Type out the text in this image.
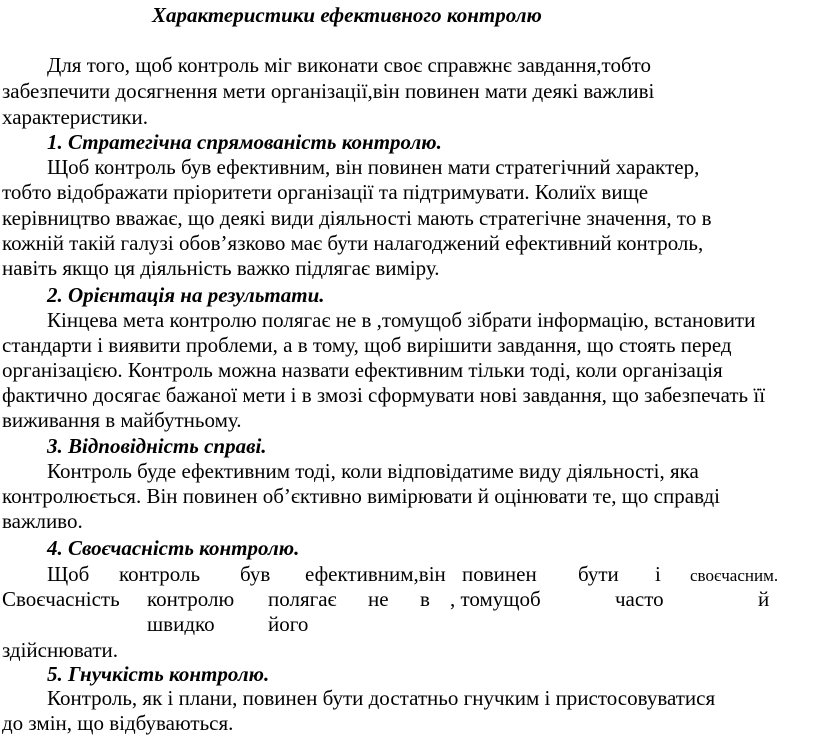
Характеристики ефективного контролю
Для того, щоб контроль міг виконати своє справжнє завдання,тобто
забезпечити досягнення мети організації,він повинен мати деякі важливі
характеристики.
1. Стратегічна спрямованість контролю.
Щоб контроль був ефективним, він повинен мати стратегічний характер,
тобто відображати пріоритети організації та підтримувати. Колиїх вище
керівництво вважає, що деякі види діяльності мають стратегічне значення, то в
кожній такій галузі обов’язково має бути налагоджений ефективний контроль,
навіть якщо ця діяльність важко підлягає виміру.
2. Орієнтація на результати.
Кінцева мета контролю полягає не в ,томущоб зібрати інформацію, встановити
стандарти і виявити проблеми, а в тому, щоб вирішити завдання, що стоять перед
організацією. Контроль можна назвати ефективним тільки тоді, коли організація
фактично досягає бажаної мети і в змозі сформувати нові завдання, що забезпечать її
виживання в майбутньому.
3. Відповідність справі.
Контроль буде ефективним тоді, коли відповідатиме виду діяльності, яка
контролюється. Він повинен об’єктивно вимірювати й оцінювати те, що справді
важливо.
4. Своєчасність контролю.
Щоб контроль був ефективним,він повинен бути і своєчасним.
Своєчасність контролю полягає не в , томущоб	часто	й
швидко	його
здійснювати.
5. Гнучкість контролю.
Контроль, як і плани, повинен бути достатньо гнучким і пристосовуватися
до змін, що відбуваються.
